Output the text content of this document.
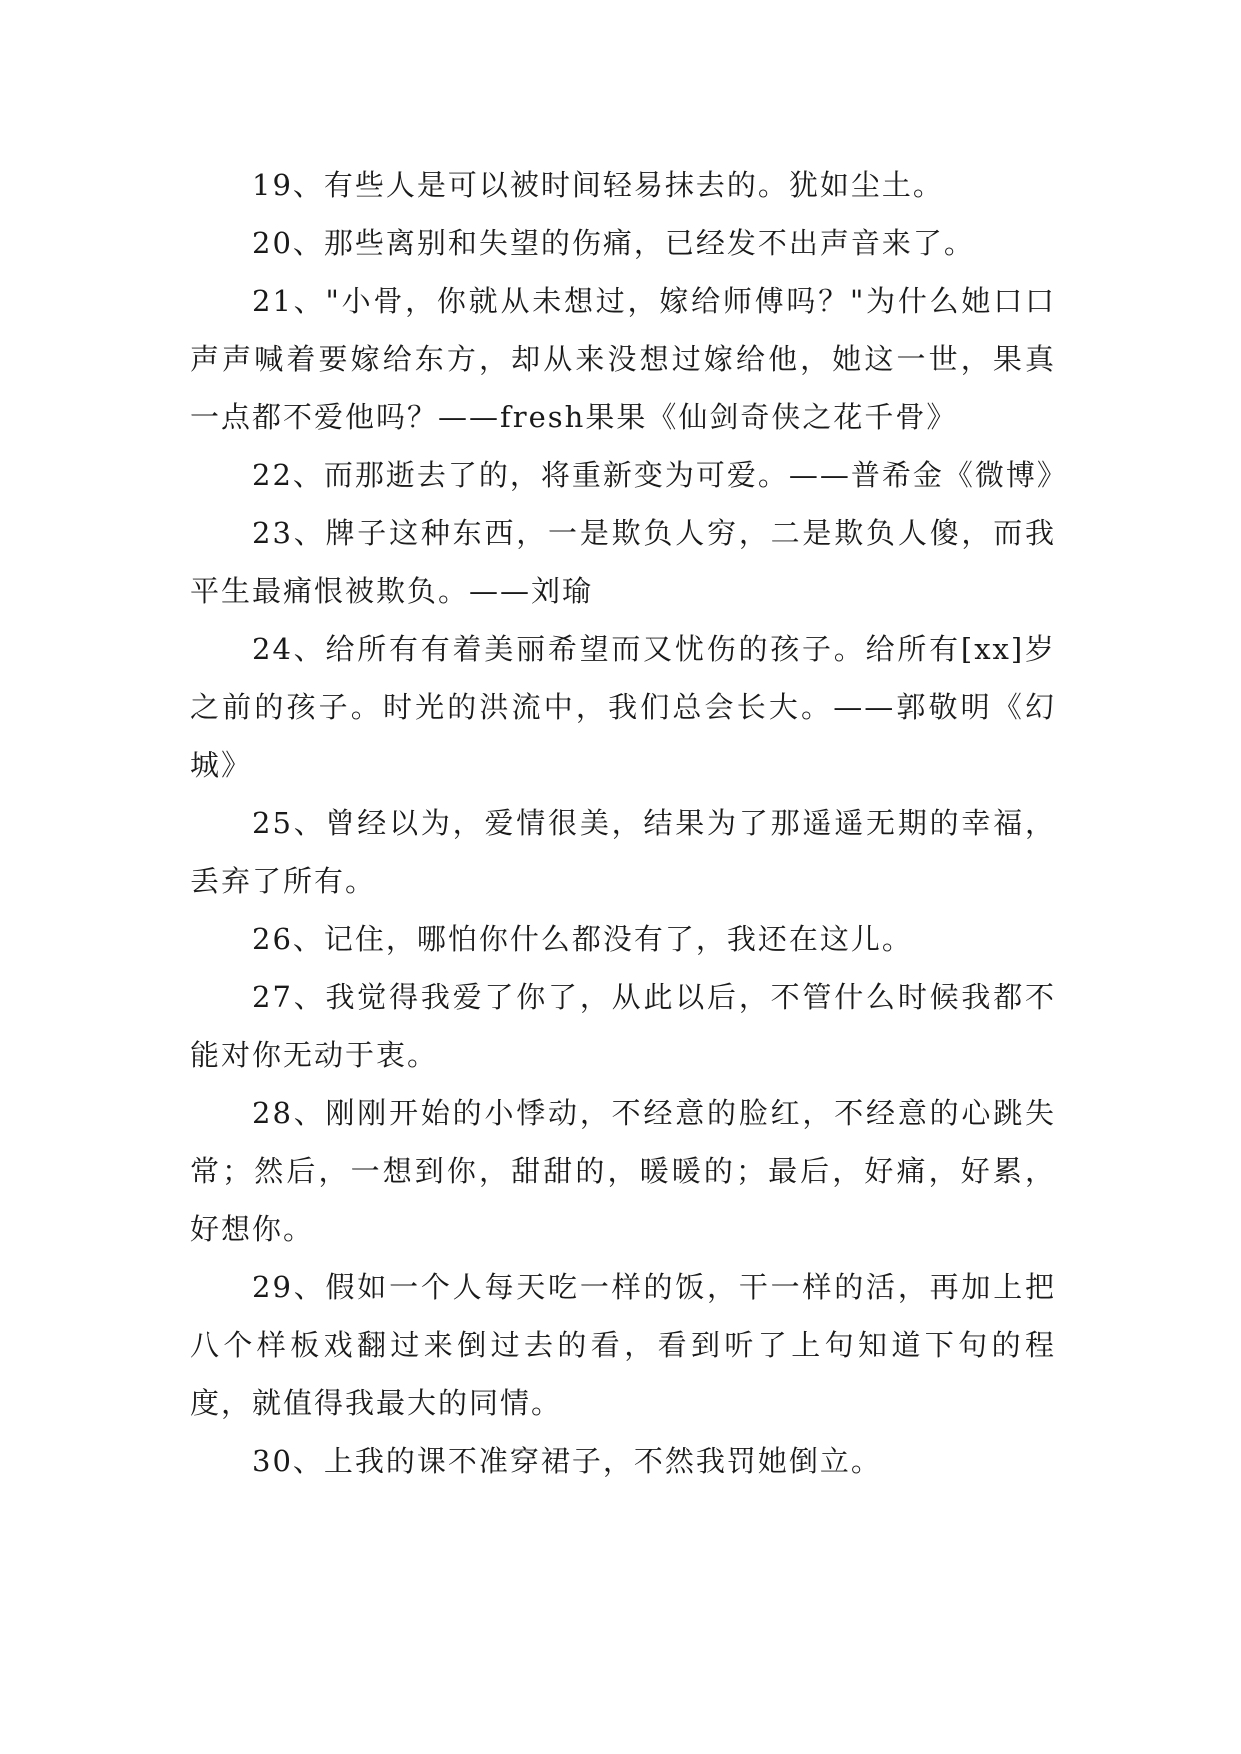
19、有些人是可以被时间轻易抹去的。犹如尘土。

20、那些离别和失望的伤痛，已经发不出声音来了。

21、"小骨，你就从未想过，嫁给师傅吗？"为什么她口口声声喊着要嫁给东方，却从来没想过嫁给他，她这一世，果真一点都不爱他吗？——fresh果果《仙剑奇侠之花千骨》

22、而那逝去了的，将重新变为可爱。——普希金《微博》

23、牌子这种东西，一是欺负人穷，二是欺负人傻，而我平生最痛恨被欺负。——刘瑜

24、给所有有着美丽希望而又忧伤的孩子。给所有[xx]岁之前的孩子。时光的洪流中，我们总会长大。——郭敬明《幻城》

25、曾经以为，爱情很美，结果为了那遥遥无期的幸福，丢弃了所有。

26、记住，哪怕你什么都没有了，我还在这儿。

27、我觉得我爱了你了，从此以后，不管什么时候我都不能对你无动于衷。

28、刚刚开始的小悸动，不经意的脸红，不经意的心跳失常；然后，一想到你，甜甜的，暖暖的；最后，好痛，好累，好想你。

29、假如一个人每天吃一样的饭，干一样的活，再加上把八个样板戏翻过来倒过去的看，看到听了上句知道下句的程度，就值得我最大的同情。

30、上我的课不准穿裙子，不然我罚她倒立。
